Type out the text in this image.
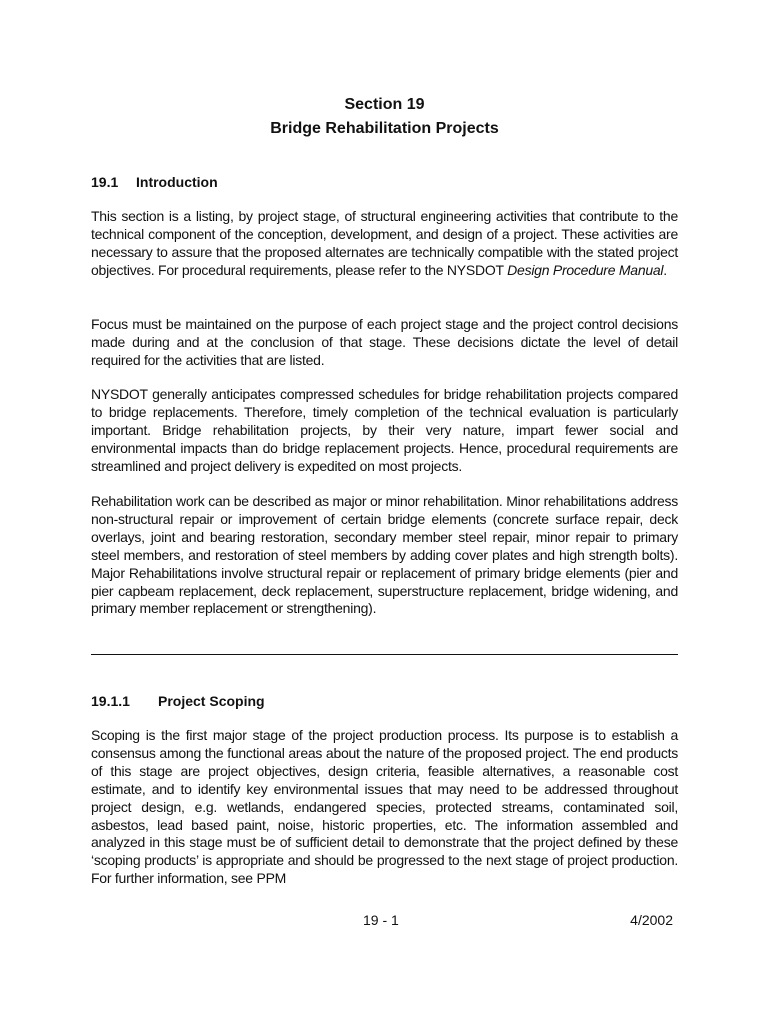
Section 19
Bridge Rehabilitation Projects
19.1 Introduction
This section is a listing, by project stage, of structural engineering activities that contribute to the technical component of the conception, development, and design of a project. These activities are necessary to assure that the proposed alternates are technically compatible with the stated project objectives. For procedural requirements, please refer to the NYSDOT Design Procedure Manual.
Focus must be maintained on the purpose of each project stage and the project control decisions made during and at the conclusion of that stage. These decisions dictate the level of detail required for the activities that are listed.
NYSDOT generally anticipates compressed schedules for bridge rehabilitation projects compared to bridge replacements. Therefore, timely completion of the technical evaluation is particularly important. Bridge rehabilitation projects, by their very nature, impart fewer social and environmental impacts than do bridge replacement projects. Hence, procedural requirements are streamlined and project delivery is expedited on most projects.
Rehabilitation work can be described as major or minor rehabilitation. Minor rehabilitations address non-structural repair or improvement of certain bridge elements (concrete surface repair, deck overlays, joint and bearing restoration, secondary member steel repair, minor repair to primary steel members, and restoration of steel members by adding cover plates and high strength bolts). Major Rehabilitations involve structural repair or replacement of primary bridge elements (pier and pier capbeam replacement, deck replacement, superstructure replacement, bridge widening, and primary member replacement or strengthening).
19.1.1 Project Scoping
Scoping is the first major stage of the project production process. Its purpose is to establish a consensus among the functional areas about the nature of the proposed project. The end products of this stage are project objectives, design criteria, feasible alternatives, a reasonable cost estimate, and to identify key environmental issues that may need to be addressed throughout project design, e.g. wetlands, endangered species, protected streams, contaminated soil, asbestos, lead based paint, noise, historic properties, etc. The information assembled and analyzed in this stage must be of sufficient detail to demonstrate that the project defined by these ‘scoping products’ is appropriate and should be progressed to the next stage of project production. For further information, see PPM
19 - 1	4/2002
